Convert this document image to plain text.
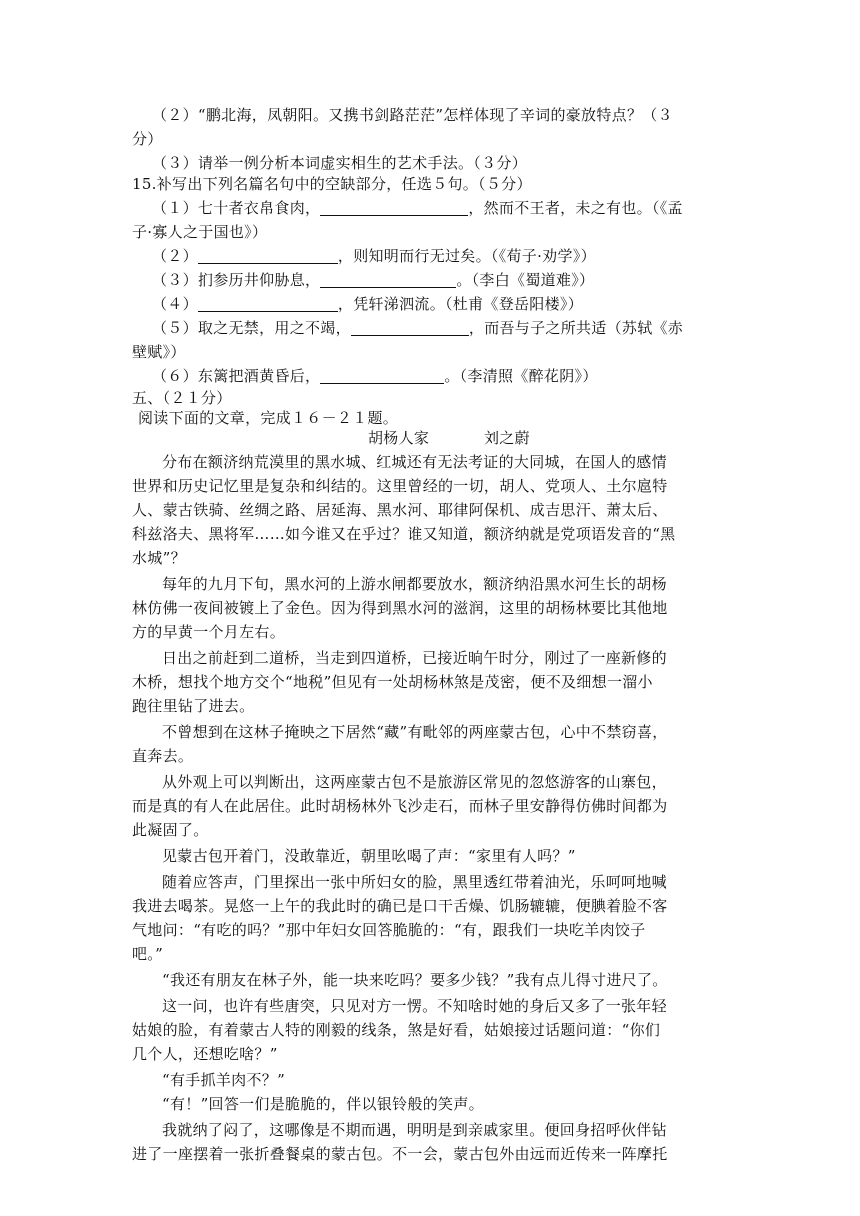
（２）“鹏北海，凤朝阳。又携书剑路茫茫”怎样体现了辛词的豪放特点？（３
分）
（３）请举一例分析本词虚实相生的艺术手法。（３分）
15.补写出下列名篇名句中的空缺部分，任选５句。（５分）
（１）七十者衣帛食肉，	，然而不王者，未之有也。（《孟
子·寡人之于国也》）
（２）	，则知明而行无过矣。（《荀子·劝学》）
（３）扪参历井仰胁息，	。（李白《蜀道难》）
（４）	，凭轩涕泗流。（杜甫《登岳阳楼》）
（５）取之无禁，用之不竭，	，而吾与子之所共适（苏轼《赤
壁赋》）
（６）东篱把酒黄昏后，	。（李清照《醉花阴》）
五、（２１分）
阅读下面的文章，完成１６－２１题。
胡杨人家	刘之蔚
分布在额济纳荒漠里的黑水城、红城还有无法考证的大同城，在国人的感情
世界和历史记忆里是复杂和纠结的。这里曾经的一切，胡人、党项人、土尔扈特
人、蒙古铁骑、丝绸之路、居延海、黑水河、耶律阿保机、成吉思汗、萧太后、
科兹洛夫、黑将军……如今谁又在乎过？谁又知道，额济纳就是党项语发音的“黑
水城”？
每年的九月下旬，黑水河的上游水闸都要放水，额济纳沿黑水河生长的胡杨
林仿佛一夜间被镀上了金色。因为得到黑水河的滋润，这里的胡杨林要比其他地
方的早黄一个月左右。
日出之前赶到二道桥，当走到四道桥，已接近晌午时分，刚过了一座新修的
木桥，想找个地方交个“地税”但见有一处胡杨林煞是茂密，便不及细想一溜小
跑往里钻了进去。
不曾想到在这林子掩映之下居然“藏”有毗邻的两座蒙古包，心中不禁窃喜，
直奔去。
从外观上可以判断出，这两座蒙古包不是旅游区常见的忽悠游客的山寨包，
而是真的有人在此居住。此时胡杨林外飞沙走石，而林子里安静得仿佛时间都为
此凝固了。
见蒙古包开着门，没敢靠近，朝里吆喝了声：“家里有人吗？”
随着应答声，门里探出一张中所妇女的脸，黑里透红带着油光，乐呵呵地喊
我进去喝茶。晃悠一上午的我此时的确已是口干舌燥、饥肠辘辘，便腆着脸不客
气地问：“有吃的吗？”那中年妇女回答脆脆的：“有，跟我们一块吃羊肉饺子
吧。”
“我还有朋友在林子外，能一块来吃吗？要多少钱？”我有点儿得寸进尺了。
这一问，也许有些唐突，只见对方一愣。不知啥时她的身后又多了一张年轻
姑娘的脸，有着蒙古人特的刚毅的线条，煞是好看，姑娘接过话题问道：“你们
几个人，还想吃啥？”
“有手抓羊肉不？”
“有！”回答一们是脆脆的，伴以银铃般的笑声。
我就纳了闷了，这哪像是不期而遇，明明是到亲戚家里。便回身招呼伙伴钻
进了一座摆着一张折叠餐桌的蒙古包。不一会，蒙古包外由远而近传来一阵摩托
